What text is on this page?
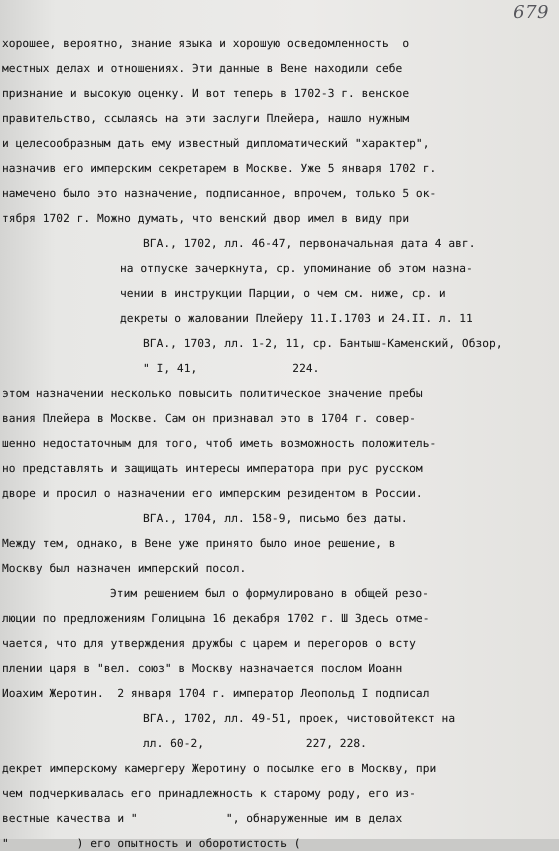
679
хорошее, вероятно, знание языка и хорошую осведомленность  о
местных делах и отношениях. Эти данные в Вене находили себе
признание и высокую оценку. И вот теперь в 1702-3 г. венское
правительство, ссылаясь на эти заслуги Плейера, нашло нужным
и целесообразным дать ему известный дипломатический "характер",
назначив его имперским секретарем в Москве. Уже 5 января 1702 г.
намечено было это назначение, подписанное, впрочем, только 5 ок-
тября 1702 г. Можно думать, что венский двор имел в виду при
ВГА., 1702, лл. 46-47, первоначальная дата 4 авг.
на отпуске зачеркнута, ср. упоминание об этом назна-
чении в инструкции Парции, о чем см. ниже, ср. и
декреты о жаловании Плейеру 11.I.1703 и 24.II. л. 11
ВГА., 1703, лл. 1-2, 11, ср. Бантыш-Каменский, Обзор,
" I, 41,              224.
этом назначении несколько повысить политическое значение пребы
вания Плейера в Москве. Сам он признавал это в 1704 г. совер-
шенно недостаточным для того, чтоб иметь возможность положитель-
но представлять и защищать интересы императора при рус русском
дворе и просил о назначении его имперским резидентом в России.
ВГА., 1704, лл. 158-9, письмо без даты.
Между тем, однако, в Вене уже принято было иное решение, в
Москву был назначен имперский посол.
Этим решением был о формулировано в общей резо-
люции по предложениям Голицына 16 декабря 1702 г. Ш Здесь отме-
чается, что для утверждения дружбы с царем и перегоров о всту
плении царя в "вел. союз" в Москву назначается послом Иоанн
Иоахим Жеротин.  2 января 1704 г. император Леопольд I подписал
ВГА., 1702, лл. 49-51, проек, чистовойтекст на
лл. 60-2,               227, 228.
декрет имперскому камергеру Жеротину о посылке его в Москву, при
чем подчеркивалась его принадлежность к старому роду, его из-
вестные качества и "             ", обнаруженные им в делах
"          ) его опытность и оборотистость (
